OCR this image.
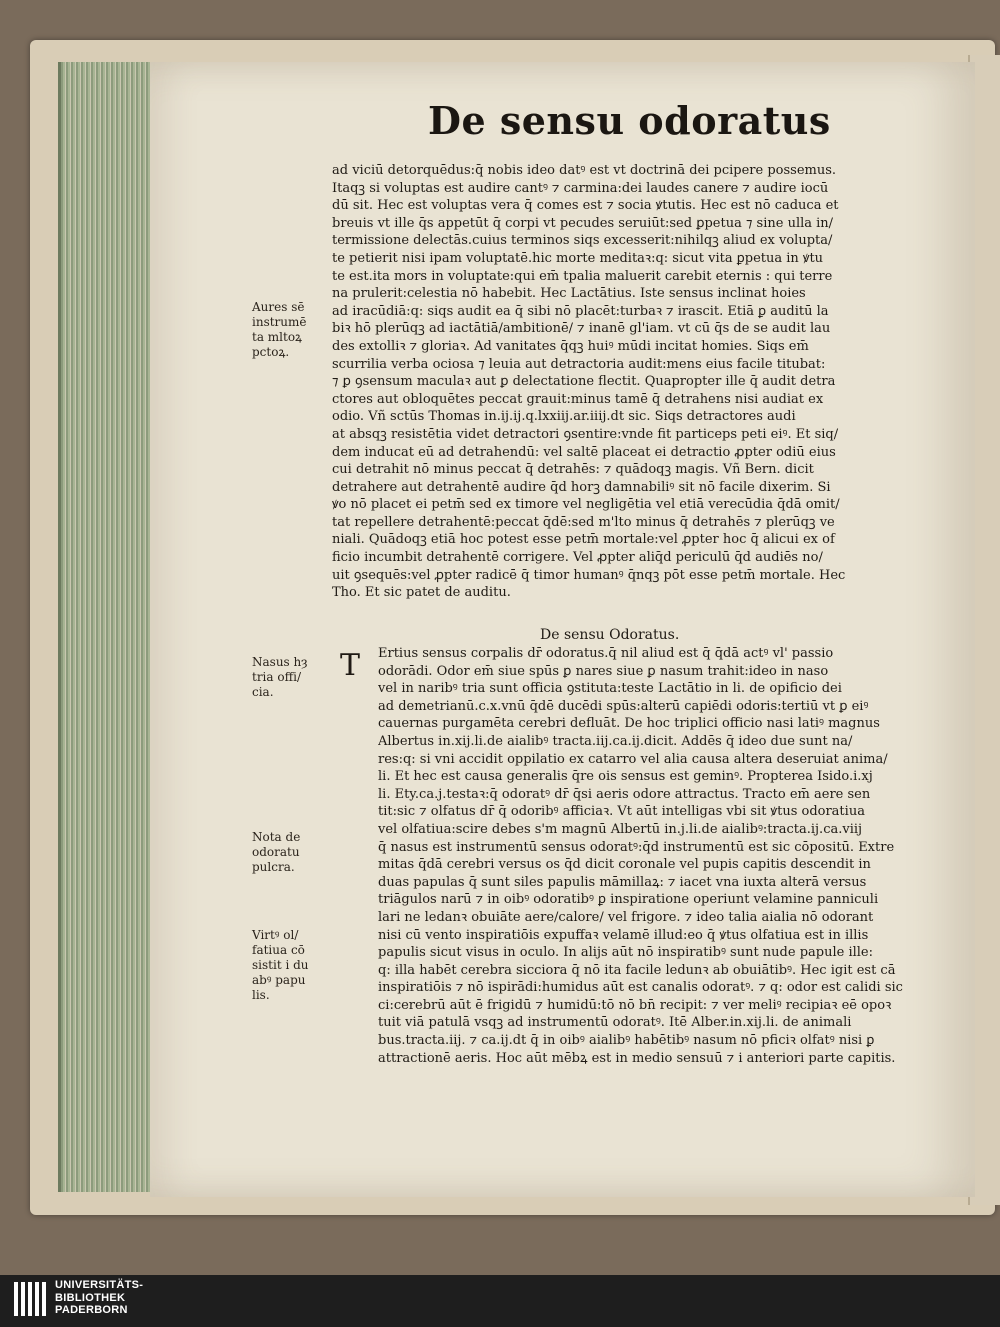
De sensu odoratus
ad viciū detorquēdus:q̄ nobis ideo datꝰ est vt doctrinā dei pcipere possemus.
Itaqꝫ si voluptas est audire cantꝰ ⁊ carmina:dei laudes canere ⁊ audire iocū
dū sit. Hec est voluptas vera q̄ comes est ⁊ socia ꝟtutis. Hec est nō caduca et
breuis vt ille q̄s appetūt q̄ corpi vt pecudes seruiūt:sed ꝑpetua ⁊ sine ulla in/
termissione delectās.cuius terminos siqs excesserit:nihilqꝫ aliud ex volupta/
te petierit nisi ipam voluptatē.hic morte meditaꝛ:q: sicut vita ꝑpetua in ꝟtu
te est.ita mors in voluptate:qui em̄ tpalia maluerit carebit eternis : qui terre
na prulerit:celestia nō habebit. Hec Lactātius. Iste sensus inclinat hoies
ad iracūdiā:q: siqs audit ea q̄ sibi nō placēt:turbaꝛ ⁊ irascit. Etiā ꝑ auditū la
biꝛ hō plerūqꝫ ad iactātiā/ambitionē/ ⁊ inanē gl'iam. vt cū q̄s de se audit lau
des extolliꝛ ⁊ gloriaꝛ. Ad vanitates q̄qꝫ huiꝰ mūdi incitat homies. Siqs em̄
scurrilia verba ociosa ⁊ leuia aut detractoria audit:mens eius facile titubat:
⁊ ꝑ ꝯsensum maculaꝛ aut ꝑ delectatione flectit. Quapropter ille q̄ audit detra
ctores aut obloquētes peccat grauit:minus tamē q̄ detrahens nisi audiat ex
odio. Vñ sctūs Thomas in.ij.ij.q.lxxiij.ar.iiij.dt sic. Siqs detractores audi
at absqꝫ resistētia videt detractori ꝯsentire:vnde fit particeps peti eiꝰ. Et siq/
dem inducat eū ad detrahendū: vel saltē placeat ei detractio ꝓpter odiū eius
cui detrahit nō minus peccat q̄ detrahēs: ⁊ quādoqꝫ magis. Vñ Bern. dicit
detrahere aut detrahentē audire q̄d horꝫ damnabiliꝰ sit nō facile dixerim. Si
ꝟo nō placet ei petm̄ sed ex timore vel negligētia vel etiā verecūdia q̄dā omit/
tat repellere detrahentē:peccat q̄dē:sed m'lto minus q̄ detrahēs ⁊ plerūqꝫ ve
niali. Quādoqꝫ etiā hoc potest esse petm̄ mortale:vel ꝓpter hoc q̄ alicui ex of
ficio incumbit detrahentē corrigere. Vel ꝓpter aliq̄d periculū q̄d audiēs no/
uit ꝯsequēs:vel ꝓpter radicē q̄ timor humanꝰ q̄nqꝫ pōt esse petm̄ mortale. Hec
Tho. Et sic patet de auditu.
Aures sē
instrumē
ta mltoꝝ
pctoꝝ.
De sensu Odoratus.
T Ertius sensus corpalis dr̄ odoratus.q̄ nil aliud est q̄ q̄dā actꝰ vl' passio
odorādi. Odor em̄ siue spūs ꝑ nares siue ꝑ nasum trahit:ideo in naso
vel in naribꝰ tria sunt officia ꝯstituta:teste Lactātio in li. de opificio dei
ad demetrianū.c.x.vnū q̄dē ducēdi spūs:alterū capiēdi odoris:tertiū vt ꝑ eiꝰ
cauernas purgamēta cerebri defluāt. De hoc triplici officio nasi latiꝰ magnus
Albertus in.xij.li.de aialibꝰ tracta.iij.ca.ij.dicit. Addēs q̄ ideo due sunt na/
res:q: si vni accidit oppilatio ex catarro vel alia causa altera deseruiat anima/
li. Et hec est causa generalis q̄re ois sensus est geminꝰ. Propterea Isido.i.xj
li. Ety.ca.j.testaꝛ:q̄ odoratꝰ dr̄ q̄si aeris odore attractus. Tracto em̄ aere sen
tit:sic ⁊ olfatus dr̄ q̄ odoribꝰ afficiaꝛ. Vt aūt intelligas vbi sit ꝟtus odoratiua
vel olfatiua:scire debes s'm magnū Albertū in.j.li.de aialibꝰ:tracta.ij.ca.viij
q̄ nasus est instrumentū sensus odoratꝰ:q̄d instrumentū est sic cōpositū. Extre
mitas q̄dā cerebri versus os q̄d dicit coronale vel pupis capitis descendit in
duas papulas q̄ sunt siles papulis māmillaꝝ: ⁊ iacet vna iuxta alterā versus
triāgulos narū ⁊ in oibꝰ odoratibꝰ ꝑ inspiratione operiunt velamine panniculi
lari ne ledanꝛ obuiāte aere/calore/ vel frigore. ⁊ ideo talia aialia nō odorant
nisi cū vento inspiratiōis expuffaꝛ velamē illud:eo q̄ ꝟtus olfatiua est in illis
papulis sicut visus in oculo. In alijs aūt nō inspiratibꝰ sunt nude papule ille:
q: illa habēt cerebra sicciora q̄ nō ita facile ledunꝛ ab obuiātibꝰ. Hec igit est cā
inspiratiōis ⁊ nō ispirādi:humidus aūt est canalis odoratꝰ. ⁊ q: odor est calidi sic
ci:cerebrū aūt ē frigidū ⁊ humidū:tō nō bn̄ recipit: ⁊ ver meliꝰ recipiaꝛ eē opoꝛ
tuit viā patulā vsqꝫ ad instrumentū odoratꝰ. Itē Alber.in.xij.li. de animali
bus.tracta.iij. ⁊ ca.ij.dt q̄ in oibꝰ aialibꝰ habētibꝰ nasum nō pficiꝛ olfatꝰ nisi ꝑ
attractionē aeris. Hoc aūt mēbꝝ est in medio sensuū ⁊ i anteriori parte capitis.
Nasus hȝ
tria offi/
cia.
Nota de
odoratu
pulcra.
Virtꝰ ol/
fatiua cō
sistit i du
abꝰ papu
lis.
UNIVERSITÄTS-
BIBLIOTHEK
PADERBORN
